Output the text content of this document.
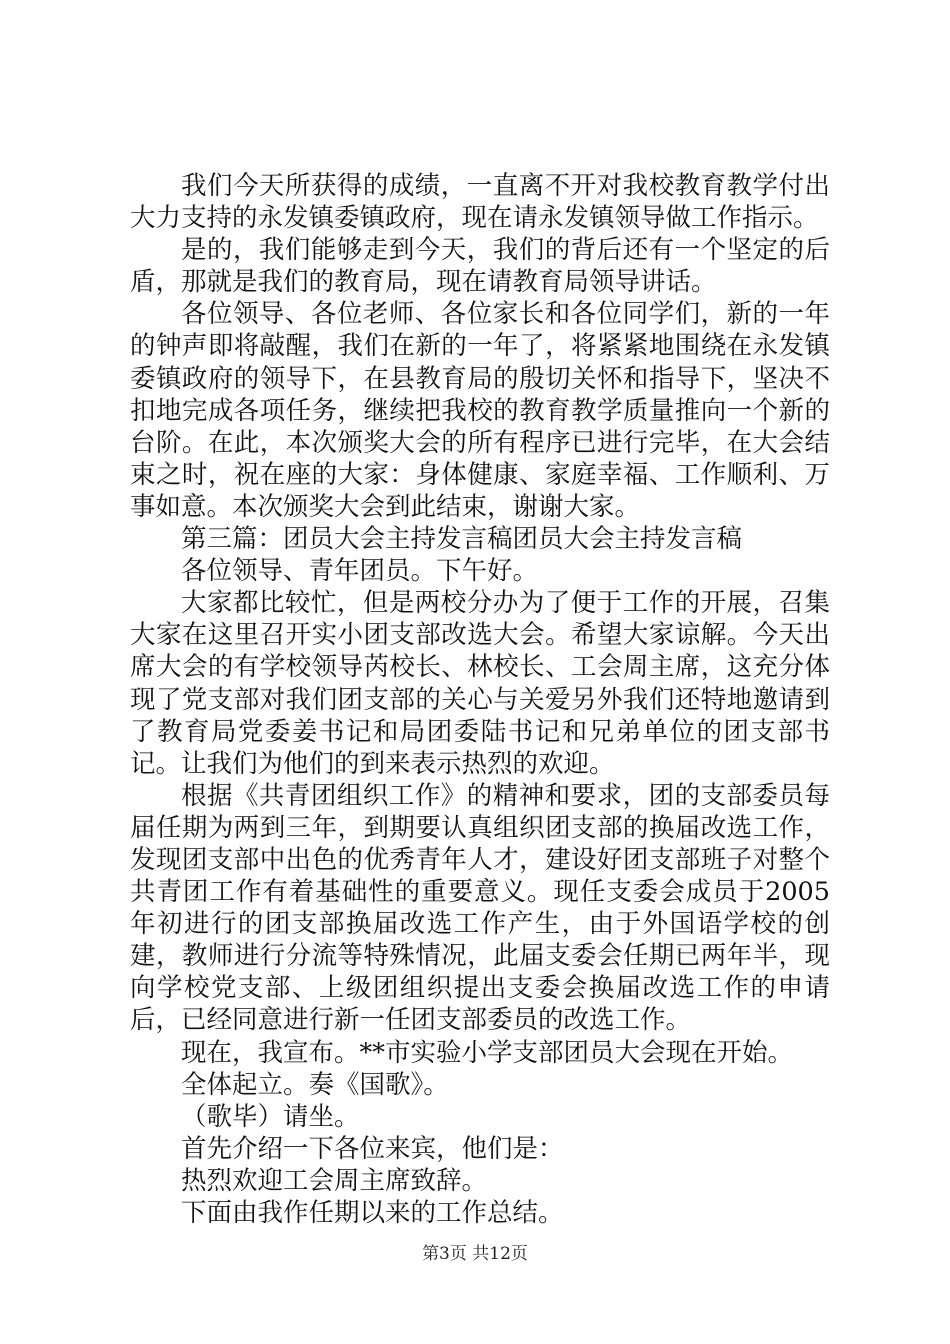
我们今天所获得的成绩，一直离不开对我校教育教学付出大力支持的永发镇委镇政府，现在请永发镇领导做工作指示。

是的，我们能够走到今天，我们的背后还有一个坚定的后盾，那就是我们的教育局，现在请教育局领导讲话。

各位领导、各位老师、各位家长和各位同学们，新的一年的钟声即将敲醒，我们在新的一年了，将紧紧地围绕在永发镇委镇政府的领导下，在县教育局的殷切关怀和指导下，坚决不扣地完成各项任务，继续把我校的教育教学质量推向一个新的台阶。在此，本次颁奖大会的所有程序已进行完毕，在大会结束之时，祝在座的大家：身体健康、家庭幸福、工作顺利、万事如意。本次颁奖大会到此结束，谢谢大家。

第三篇：团员大会主持发言稿团员大会主持发言稿

各位领导、青年团员。下午好。

大家都比较忙，但是两校分办为了便于工作的开展，召集大家在这里召开实小团支部改选大会。希望大家谅解。今天出席大会的有学校领导芮校长、林校长、工会周主席，这充分体现了党支部对我们团支部的关心与关爱另外我们还特地邀请到了教育局党委姜书记和局团委陆书记和兄弟单位的团支部书记。让我们为他们的到来表示热烈的欢迎。

根据《共青团组织工作》的精神和要求，团的支部委员每届任期为两到三年，到期要认真组织团支部的换届改选工作，发现团支部中出色的优秀青年人才，建设好团支部班子对整个共青团工作有着基础性的重要意义。现任支委会成员于2005年初进行的团支部换届改选工作产生，由于外国语学校的创建，教师进行分流等特殊情况，此届支委会任期已两年半，现向学校党支部、上级团组织提出支委会换届改选工作的申请后，已经同意进行新一任团支部委员的改选工作。

现在，我宣布。**市实验小学支部团员大会现在开始。

全体起立。奏《国歌》。

（歌毕）请坐。

首先介绍一下各位来宾，他们是：

热烈欢迎工会周主席致辞。

下面由我作任期以来的工作总结。

第3页 共12页
